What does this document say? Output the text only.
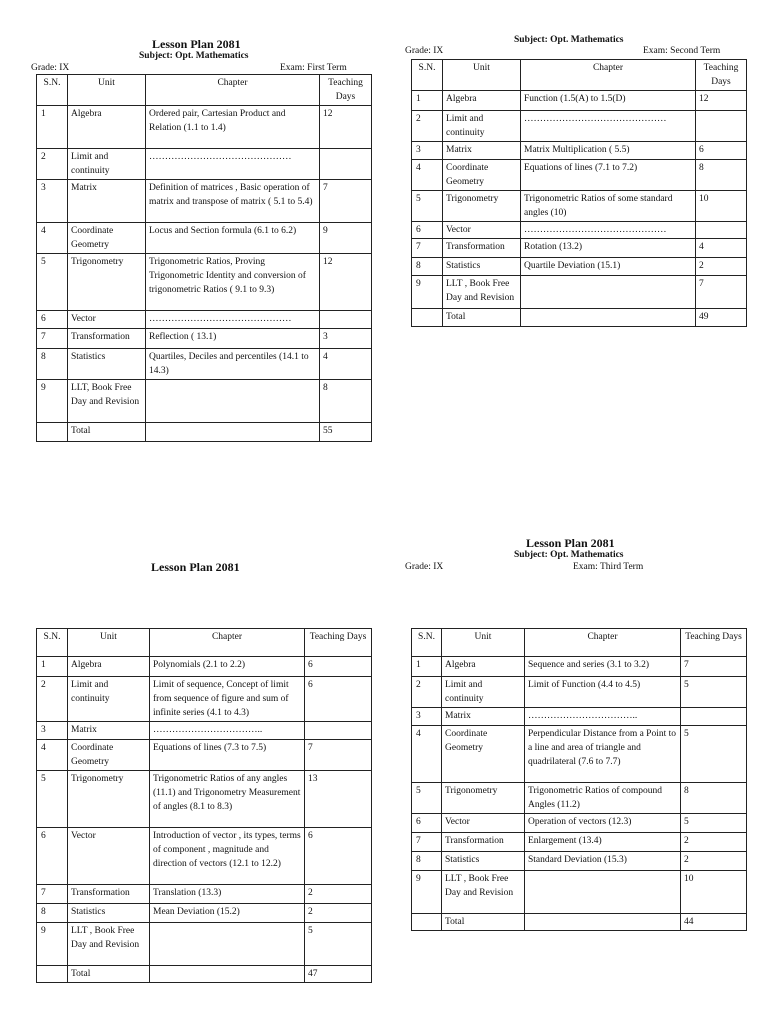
Lesson Plan 2081
Subject: Opt. Mathematics
Grade: IX	Exam: First Term
S.N.	Unit	Chapter	Teaching Days
1	Algebra	Ordered pair, Cartesian Product and Relation (1.1 to 1.4)	12
2	Limit and continuity	………………………………………	
3	Matrix	Definition of matrices , Basic operation of matrix and transpose of matrix ( 5.1 to 5.4)	7
4	Coordinate Geometry	Locus and Section formula (6.1 to 6.2)	9
5	Trigonometry	Trigonometric Ratios, Proving Trigonometric Identity and conversion of trigonometric Ratios ( 9.1 to 9.3)	12
6	Vector	………………………………………	
7	Transformation	Reflection ( 13.1)	3
8	Statistics	Quartiles, Deciles and percentiles (14.1 to 14.3)	4
9	LLT, Book Free Day and Revision		8
	Total		55
Subject: Opt. Mathematics
Grade: IX	Exam: Second Term
S.N.	Unit	Chapter	Teaching Days
1	Algebra	Function (1.5(A) to 1.5(D)	12
2	Limit and continuity	………………………………………	
3	Matrix	Matrix Multiplication ( 5.5)	6
4	Coordinate Geometry	Equations of lines (7.1 to 7.2)	8
5	Trigonometry	Trigonometric Ratios of some standard angles (10)	10
6	Vector	………………………………………	
7	Transformation	Rotation (13.2)	4
8	Statistics	Quartile Deviation (15.1)	2
9	LLT , Book Free Day and Revision		7
	Total		49
Lesson Plan 2081
S.N.	Unit	Chapter	Teaching Days
1	Algebra	Polynomials (2.1 to 2.2)	6
2	Limit and continuity	Limit of sequence, Concept of limit from sequence of figure and sum of infinite series (4.1 to 4.3)	6
3	Matrix	……………………………..	
4	Coordinate Geometry	Equations of lines (7.3 to 7.5)	7
5	Trigonometry	Trigonometric Ratios of any angles (11.1) and Trigonometry Measurement of angles (8.1 to 8.3)	13
6	Vector	Introduction of vector , its types, terms of component , magnitude and direction of vectors (12.1 to 12.2)	6
7	Transformation	Translation (13.3)	2
8	Statistics	Mean Deviation (15.2)	2
9	LLT , Book Free Day and Revision		5
	Total		47
Lesson Plan 2081
Subject: Opt. Mathematics
Grade: IX	Exam: Third Term
S.N.	Unit	Chapter	Teaching Days
1	Algebra	Sequence and series (3.1 to 3.2)	7
2	Limit and continuity	Limit of Function (4.4 to 4.5)	5
3	Matrix	……………………………..	
4	Coordinate Geometry	Perpendicular Distance from a Point to a line and area of triangle and quadrilateral (7.6 to 7.7)	5
5	Trigonometry	Trigonometric Ratios of compound Angles (11.2)	8
6	Vector	Operation of vectors (12.3)	5
7	Transformation	Enlargement (13.4)	2
8	Statistics	Standard Deviation (15.3)	2
9	LLT , Book Free Day and Revision		10
	Total		44
